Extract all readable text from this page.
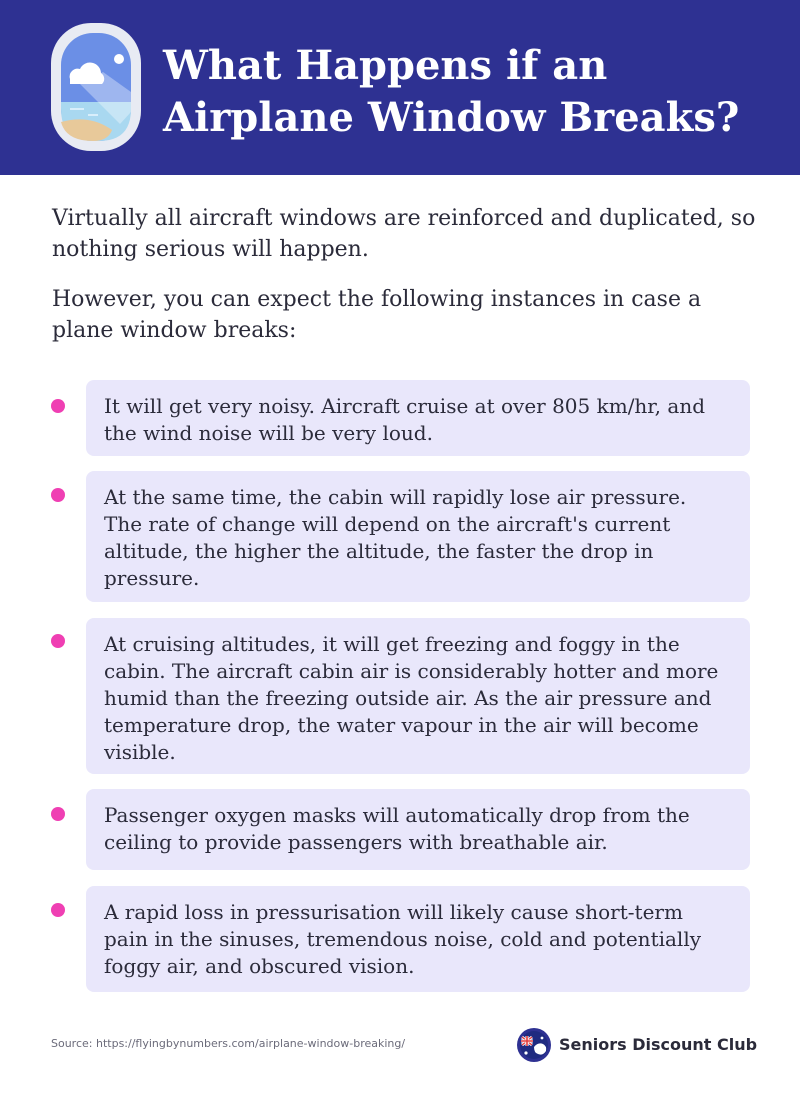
What Happens if an
Airplane Window Breaks?

Virtually all aircraft windows are reinforced and duplicated, so nothing serious will happen.

However, you can expect the following instances in case a plane window breaks:

It will get very noisy. Aircraft cruise at over 805 km/hr, and the wind noise will be very loud.

At the same time, the cabin will rapidly lose air pressure. The rate of change will depend on the aircraft's current altitude, the higher the altitude, the faster the drop in pressure.

At cruising altitudes, it will get freezing and foggy in the cabin. The aircraft cabin air is considerably hotter and more humid than the freezing outside air. As the air pressure and temperature drop, the water vapour in the air will become visible.

Passenger oxygen masks will automatically drop from the ceiling to provide passengers with breathable air.

A rapid loss in pressurisation will likely cause short-term pain in the sinuses, tremendous noise, cold and potentially foggy air, and obscured vision.

Source: https://flyingbynumbers.com/airplane-window-breaking/	Seniors Discount Club
